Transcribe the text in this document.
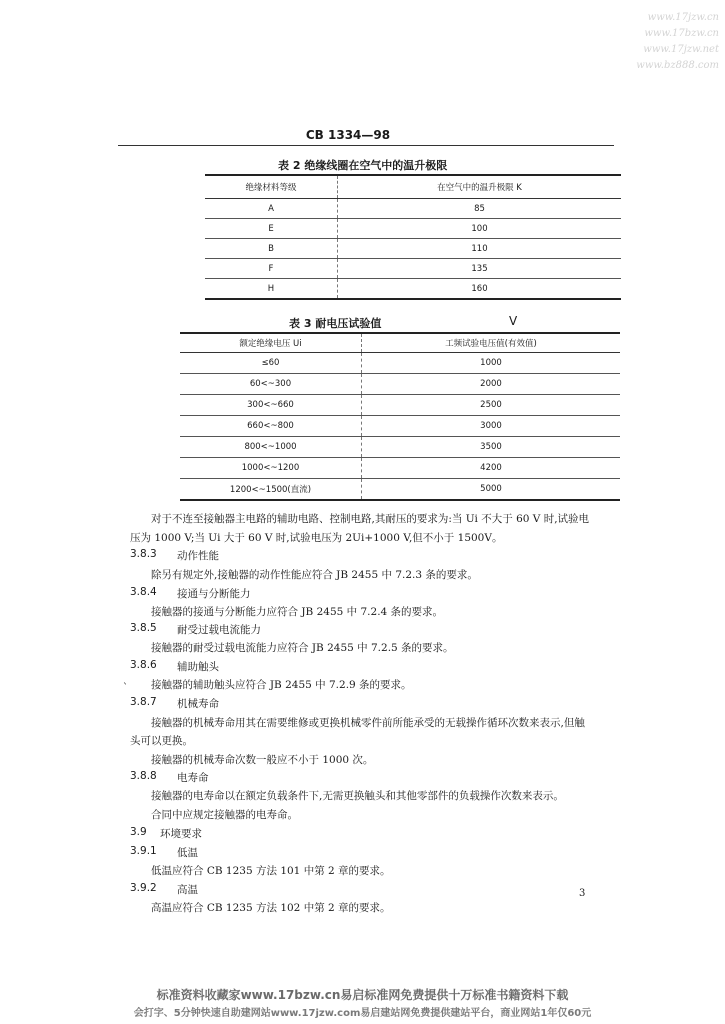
www.17jzw.cn
www.17bzw.cn
www.17jzw.net
www.bz888.com
CB 1334—98
表 2 绝缘线圈在空气中的温升极限
绝缘材料等级	在空气中的温升极限 K
A	85
E	100
B	110
F	135
H	160
表 3 耐电压试验值	V
额定绝缘电压 Ui	工频试验电压值(有效值)
≤60	1000
60<~300	2000
300<~660	2500
660<~800	3000
800<~1000	3500
1000<~1200	4200
1200<~1500(直流)	5000
对于不连至接触器主电路的辅助电路、控制电路,其耐压的要求为:当 Ui 不大于 60 V 时,试验电
压为 1000 V;当 Ui 大于 60 V 时,试验电压为 2Ui+1000 V,但不小于 1500V。
3.8.3 动作性能
除另有规定外,接触器的动作性能应符合 JB 2455 中 7.2.3 条的要求。
3.8.4 接通与分断能力
接触器的接通与分断能力应符合 JB 2455 中 7.2.4 条的要求。
3.8.5 耐受过载电流能力
接触器的耐受过载电流能力应符合 JB 2455 中 7.2.5 条的要求。
3.8.6 辅助触头
接触器的辅助触头应符合 JB 2455 中 7.2.9 条的要求。
`
3.8.7 机械寿命
接触器的机械寿命用其在需要维修或更换机械零件前所能承受的无载操作循环次数来表示,但触
头可以更换。
接触器的机械寿命次数一般应不小于 1000 次。
3.8.8 电寿命
接触器的电寿命以在额定负载条件下,无需更换触头和其他零部件的负载操作次数来表示。
合同中应规定接触器的电寿命。
3.9 环境要求
3.9.1 低温
低温应符合 CB 1235 方法 101 中第 2 章的要求。
3.9.2 高温
高温应符合 CB 1235 方法 102 中第 2 章的要求。
3
标准资料收藏家www.17bzw.cn易启标准网免费提供十万标准书籍资料下载
会打字、5分钟快速自助建网站www.17jzw.com易启建站网免费提供建站平台，商业网站1年仅60元
